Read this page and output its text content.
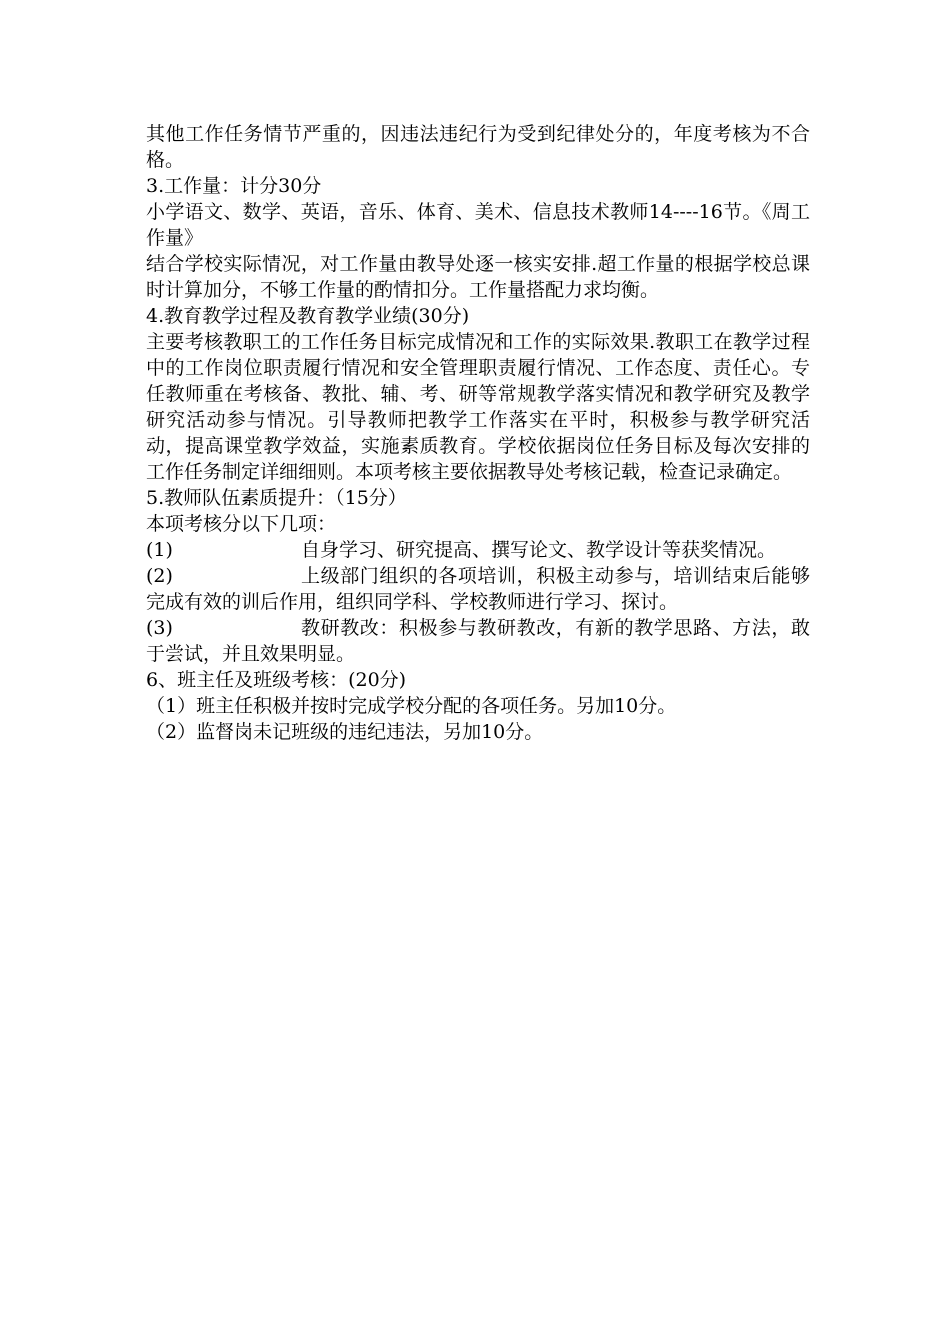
其他工作任务情节严重的，因违法违纪行为受到纪律处分的，年度考核为不合格。

3.工作量：计分30分

小学语文、数学、英语，音乐、体育、美术、信息技术教师14----16节。《周工作量》

结合学校实际情况，对工作量由教导处逐一核实安排.超工作量的根据学校总课时计算加分，不够工作量的酌情扣分。工作量搭配力求均衡。

4.教育教学过程及教育教学业绩(30分)

主要考核教职工的工作任务目标完成情况和工作的实际效果.教职工在教学过程中的工作岗位职责履行情况和安全管理职责履行情况、工作态度、责任心。专任教师重在考核备、教批、辅、考、研等常规教学落实情况和教学研究及教学研究活动参与情况。引导教师把教学工作落实在平时，积极参与教学研究活动，提高课堂教学效益，实施素质教育。学校依据岗位任务目标及每次安排的工作任务制定详细细则。本项考核主要依据教导处考核记载，检查记录确定。

5.教师队伍素质提升：（15分）

本项考核分以下几项：

(1)	自身学习、研究提高、撰写论文、教学设计等获奖情况。
(2)	上级部门组织的各项培训，积极主动参与，培训结束后能够完成有效的训后作用，组织同学科、学校教师进行学习、探讨。
(3)	教研教改：积极参与教研教改，有新的教学思路、方法，敢于尝试，并且效果明显。

6、班主任及班级考核：(20分)

（1）班主任积极并按时完成学校分配的各项任务。另加10分。

（2）监督岗未记班级的违纪违法，另加10分。
